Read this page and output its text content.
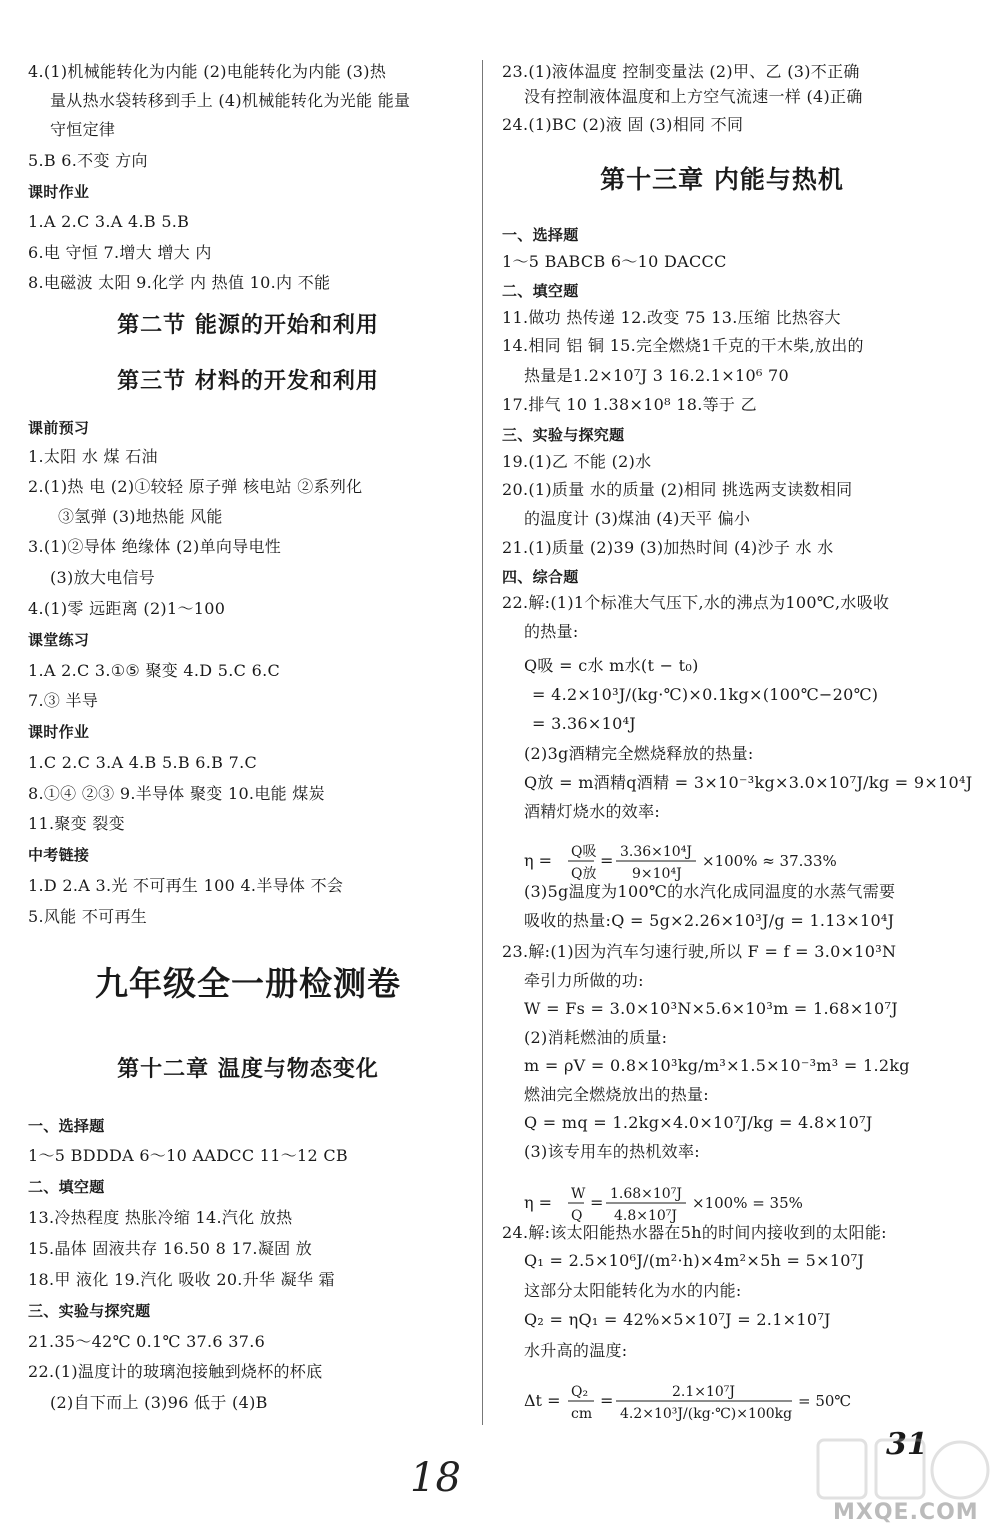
4.(1)机械能转化为内能 (2)电能转化为内能 (3)热
量从热水袋转移到手上 (4)机械能转化为光能 能量
守恒定律
5.B 6.不变 方向
课时作业
1.A 2.C 3.A 4.B 5.B
6.电 守恒 7.增大 增大 内
8.电磁波 太阳 9.化学 内 热值 10.内 不能
课前预习
1.太阳 水 煤 石油
2.(1)热 电 (2)①较轻 原子弹 核电站 ②系列化
③氢弹 (3)地热能 风能
3.(1)②导体 绝缘体 (2)单向导电性
(3)放大电信号
4.(1)零 远距离 (2)1～100
课堂练习
1.A 2.C 3.①⑤ 聚变 4.D 5.C 6.C
7.③ 半导
课时作业
1.C 2.C 3.A 4.B 5.B 6.B 7.C
8.①④ ②③ 9.半导体 聚变 10.电能 煤炭
11.聚变 裂变
中考链接
1.D 2.A 3.光 不可再生 100 4.半导体 不会
5.风能 不可再生
一、选择题
1～5 BDDDA 6～10 AADCC 11～12 CB
二、填空题
13.冷热程度 热胀冷缩 14.汽化 放热
15.晶体 固液共存 16.50 8 17.凝固 放
18.甲 液化 19.汽化 吸收 20.升华 凝华 霜
三、实验与探究题
21.35～42℃ 0.1℃ 37.6 37.6
22.(1)温度计的玻璃泡接触到烧杯的杯底
(2)自下而上 (3)96 低于 (4)B
第二节 能源的开始和利用
第三节 材料的开发和利用
第十二章 温度与物态变化
九年级全一册检测卷
η = Q吸
Q放
= 3.36×10⁴J
9×10⁴J
×100% ≈ 37.33%
η = W
Q
= 1.68×10⁷J
4.8×10⁷J
×100% = 35%
Δt = Q₂
cm
=	2.1×10⁷J
4.2×10³J/(kg·℃)×100kg
= 50℃
23.(1)液体温度 控制变量法 (2)甲、乙 (3)不正确
没有控制液体温度和上方空气流速一样 (4)正确
24.(1)BC (2)液 固 (3)相同 不同
一、选择题
1～5 BABCB 6～10 DACCC
二、填空题
11.做功 热传递 12.改变 75 13.压缩 比热容大
14.相同 铝 铜 15.完全燃烧1千克的干木柴,放出的
热量是1.2×10⁷J 3 16.2.1×10⁶ 70
17.排气 10 1.38×10⁸ 18.等于 乙
三、实验与探究题
19.(1)乙 不能 (2)水
20.(1)质量 水的质量 (2)相同 挑选两支读数相同
的温度计 (3)煤油 (4)天平 偏小
21.(1)质量 (2)39 (3)加热时间 (4)沙子 水 水
四、综合题
22.解:(1)1个标准大气压下,水的沸点为100℃,水吸收
的热量:
Q吸 = c水 m水(t − t₀)
= 4.2×10³J/(kg·℃)×0.1kg×(100℃−20℃)
= 3.36×10⁴J
(2)3g酒精完全燃烧释放的热量:
Q放 = m酒精q酒精 = 3×10⁻³kg×3.0×10⁷J/kg = 9×10⁴J
酒精灯烧水的效率:
(3)5g温度为100℃的水汽化成同温度的水蒸气需要
吸收的热量:Q = 5g×2.26×10³J/g = 1.13×10⁴J
23.解:(1)因为汽车匀速行驶,所以 F = f = 3.0×10³N
牵引力所做的功:
W = Fs = 3.0×10³N×5.6×10³m = 1.68×10⁷J
(2)消耗燃油的质量:
m = ρV = 0.8×10³kg/m³×1.5×10⁻³m³ = 1.2kg
燃油完全燃烧放出的热量:
Q = mq = 1.2kg×4.0×10⁷J/kg = 4.8×10⁷J
(3)该专用车的热机效率:
24.解:该太阳能热水器在5h的时间内接收到的太阳能:
Q₁ = 2.5×10⁶J/(m²·h)×4m²×5h = 5×10⁷J
这部分太阳能转化为水的内能:
Q₂ = ηQ₁ = 42%×5×10⁷J = 2.1×10⁷J
水升高的温度:
第十三章 内能与热机
31
18
MXQE.COM
